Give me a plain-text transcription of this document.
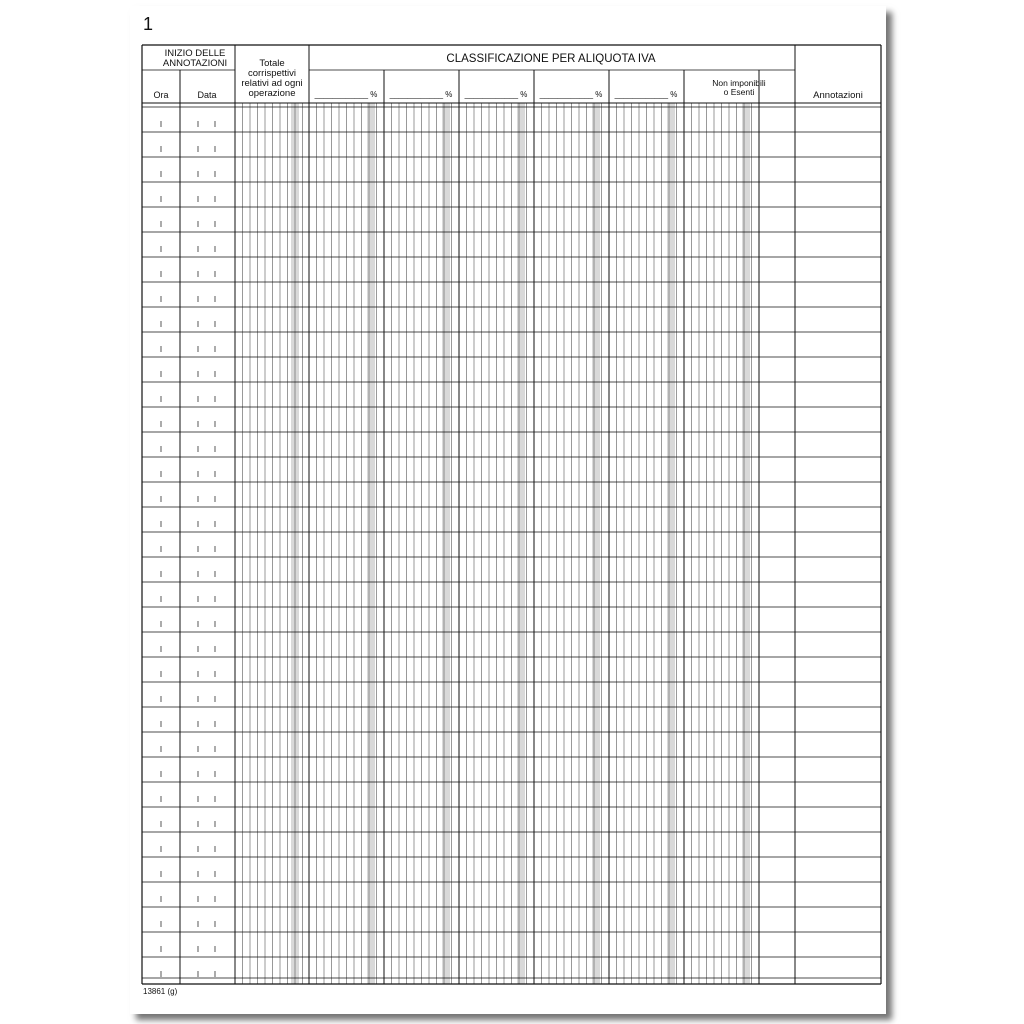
1
13861 (g)
INIZIO DELLE
ANNOTAZIONI
Ora	Data
Totale
corrispettivi
relativi ad ogni
operazione
CLASSIFICAZIONE PER ALIQUOTA IVA
____________ % ____________ % ____________ % ____________ % ____________ %
Non imponibili
o Esenti	Annotazioni
